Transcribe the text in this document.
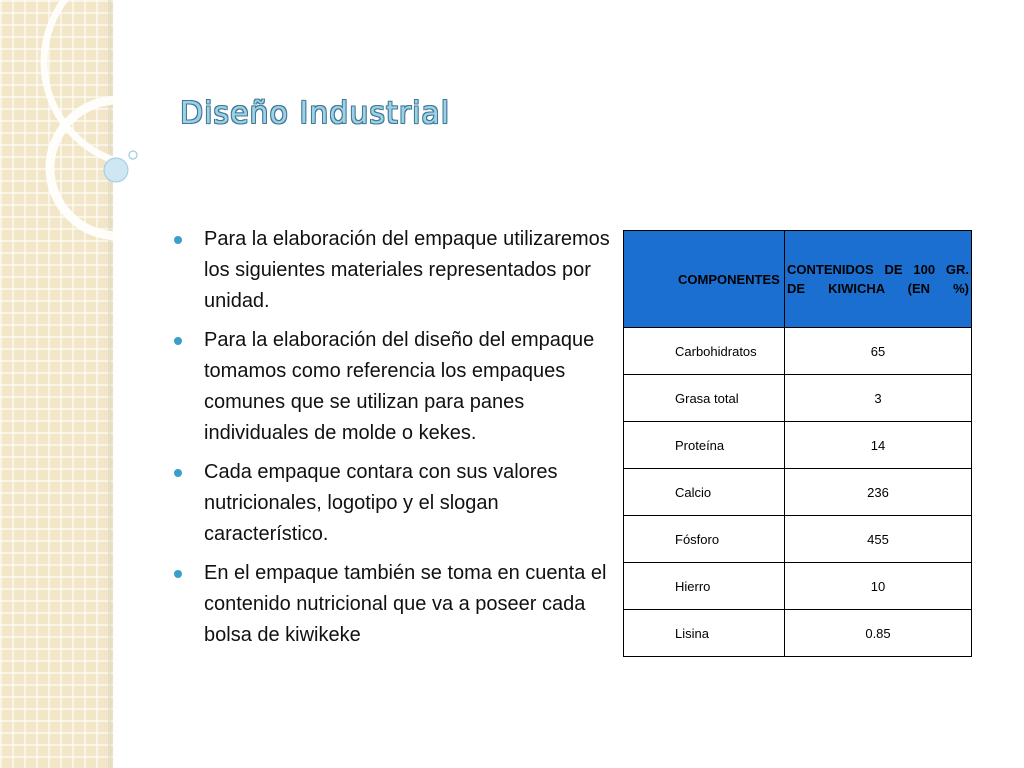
Diseño Industrial
Para la elaboración del empaque utilizaremos los siguientes materiales representados por unidad.
Para la elaboración del diseño del empaque tomamos como referencia los empaques comunes que se utilizan para panes individuales de molde o kekes.
Cada empaque contara con sus valores nutricionales, logotipo y el slogan característico.
En el empaque también se toma en cuenta el contenido nutricional que va a poseer cada bolsa de kiwikeke
COMPONENTES	CONTENIDOS DE 100 GR. DE KIWICHA (EN %)
Carbohidratos	65
Grasa total	3
Proteína	14
Calcio	236
Fósforo	455
Hierro	10
Lisina	0.85
